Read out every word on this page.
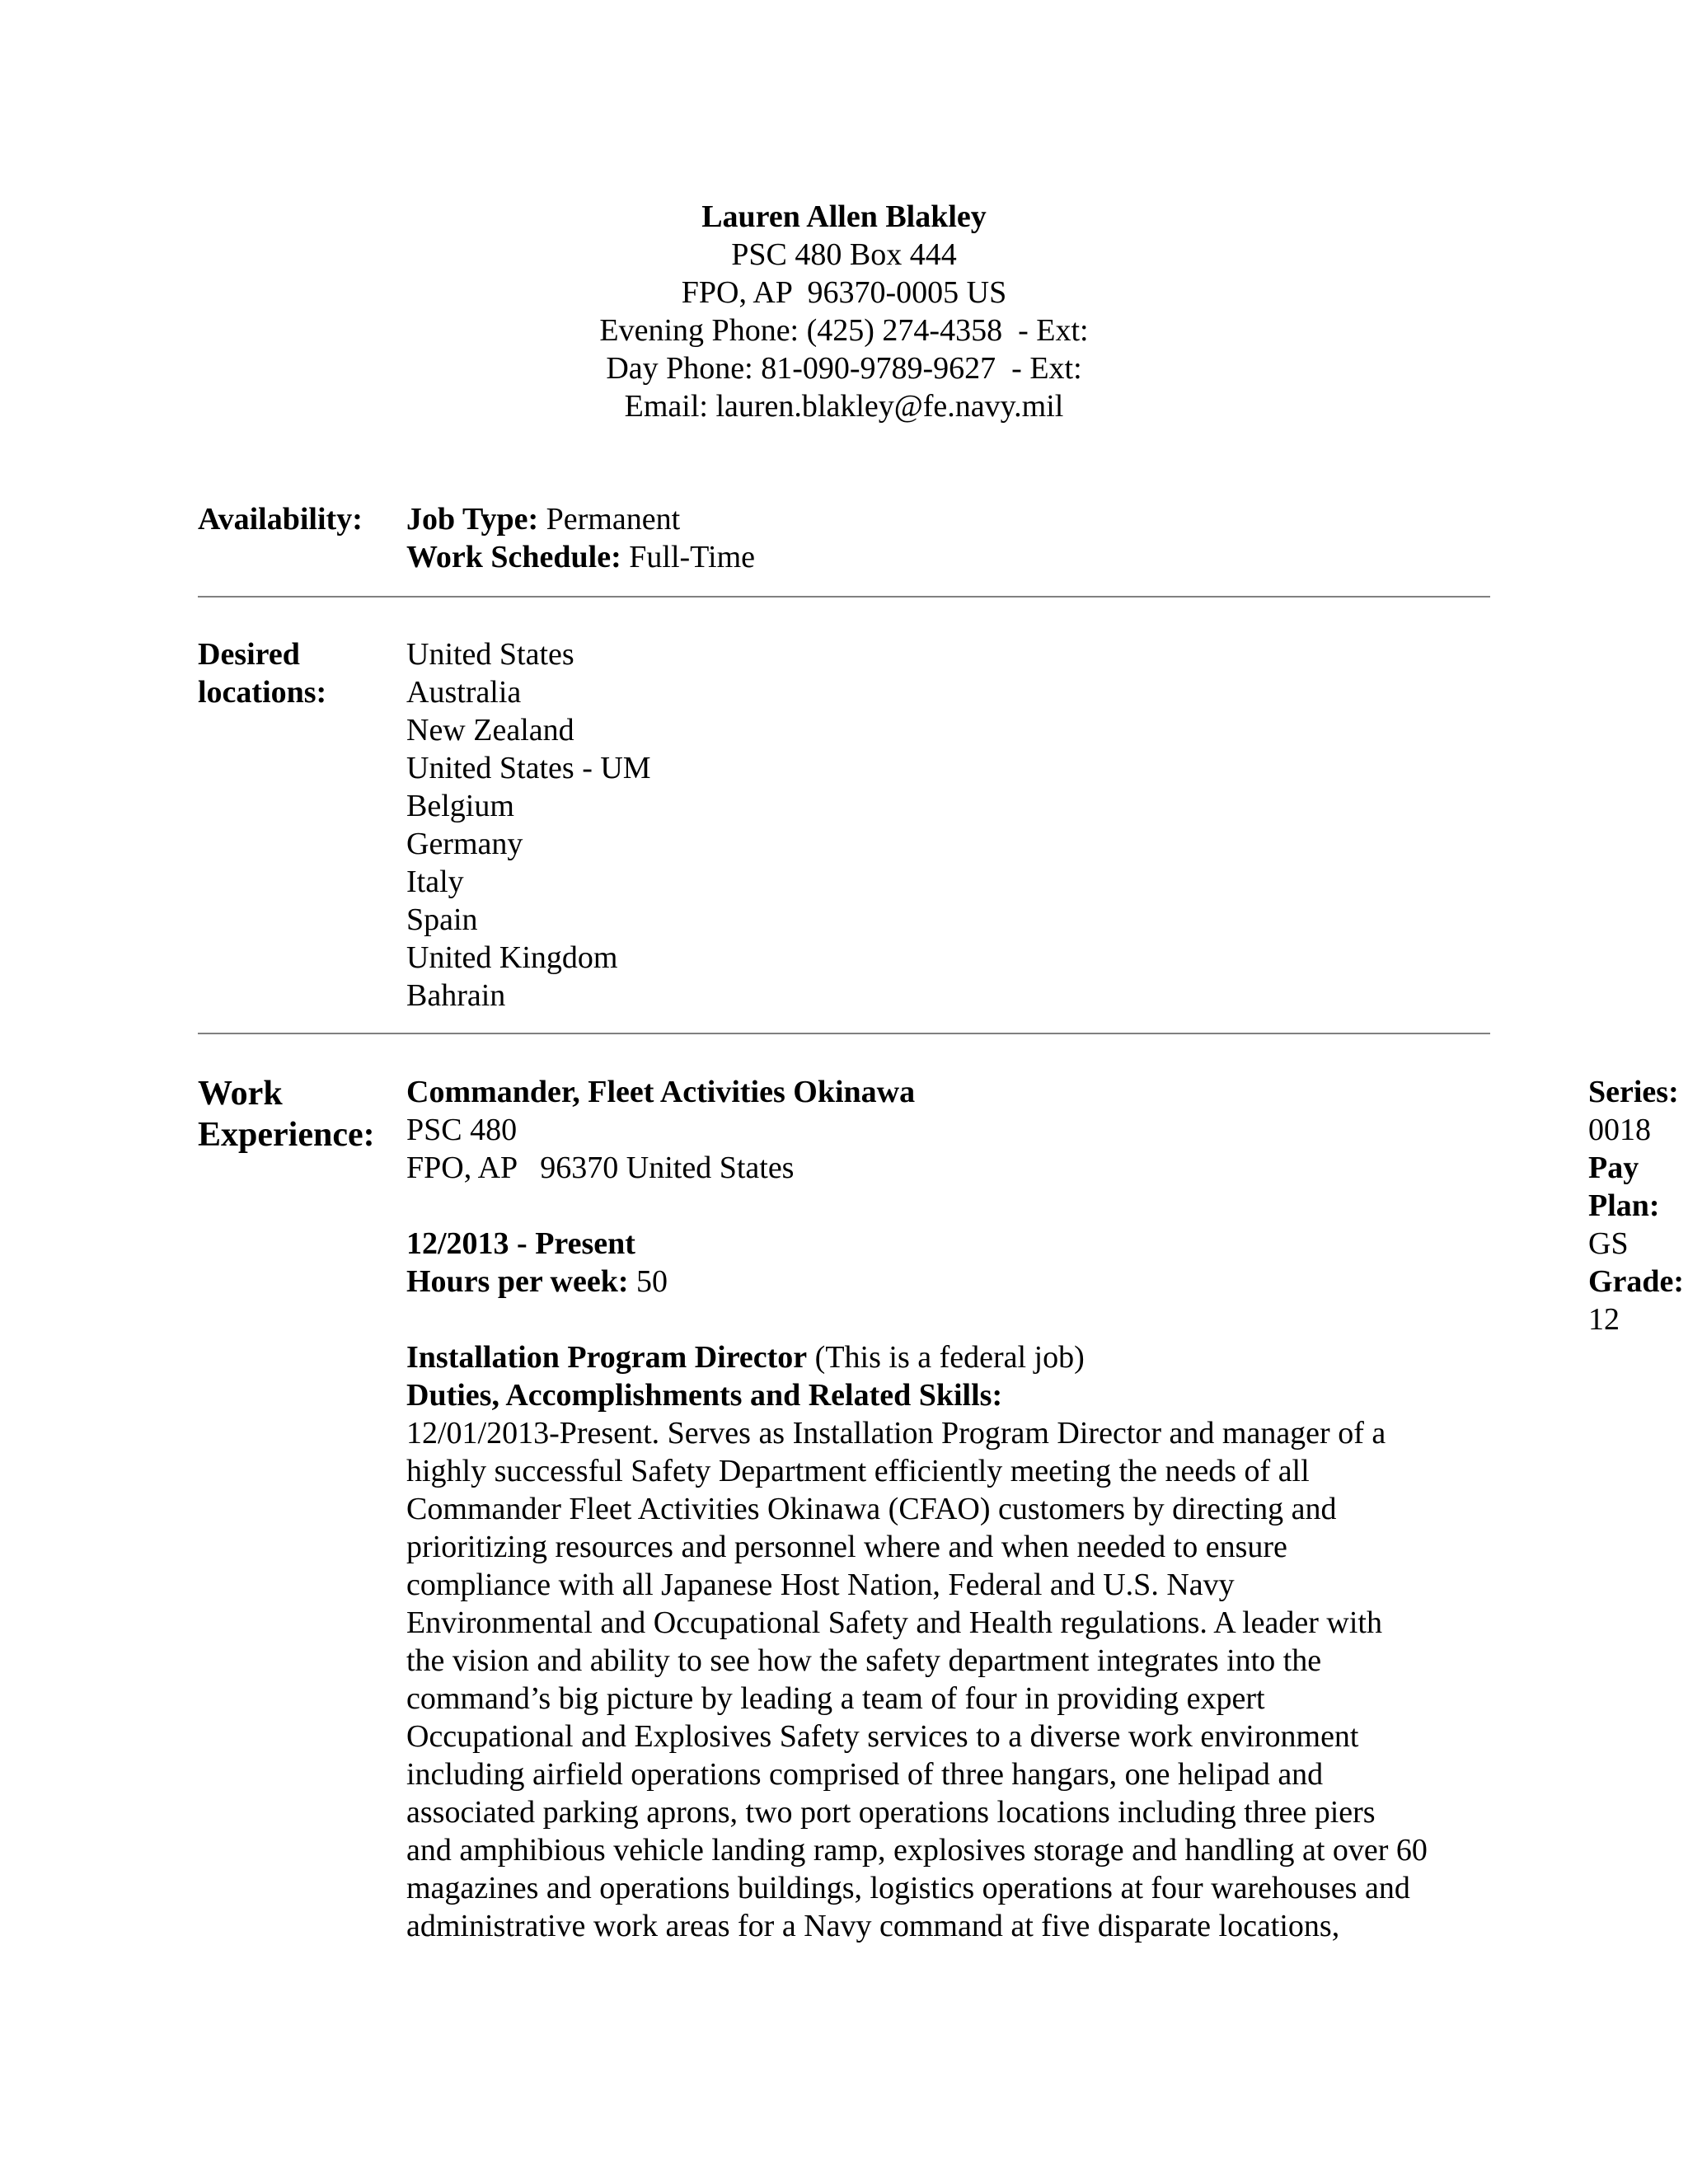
Lauren Allen Blakley
PSC 480 Box 444
FPO, AP  96370-0005 US
Evening Phone: (425) 274-4358  - Ext:
Day Phone: 81-090-9789-9627  - Ext:
Email: lauren.blakley@fe.navy.mil
Availability:	Job Type: Permanent
Work Schedule: Full-Time
Desired
locations:
United States
Australia
New Zealand
United States - UM
Belgium
Germany
Italy
Spain
United Kingdom
Bahrain
Work
Experience:
Commander, Fleet Activities Okinawa
PSC 480
FPO, AP   96370 United States
12/2013 - Present
Hours per week: 50
Installation Program Director (This is a federal job)
Duties, Accomplishments and Related Skills:
12/01/2013-Present. Serves as Installation Program Director and manager of a
highly successful Safety Department efficiently meeting the needs of all
Commander Fleet Activities Okinawa (CFAO) customers by directing and
prioritizing resources and personnel where and when needed to ensure
compliance with all Japanese Host Nation, Federal and U.S. Navy
Environmental and Occupational Safety and Health regulations. A leader with
the vision and ability to see how the safety department integrates into the
command’s big picture by leading a team of four in providing expert
Occupational and Explosives Safety services to a diverse work environment
including airfield operations comprised of three hangars, one helipad and
associated parking aprons, two port operations locations including three piers
and amphibious vehicle landing ramp, explosives storage and handling at over 60
magazines and operations buildings, logistics operations at four warehouses and
administrative work areas for a Navy command at five disparate locations,
Series:
0018
Pay
Plan:
GS
Grade:
12
